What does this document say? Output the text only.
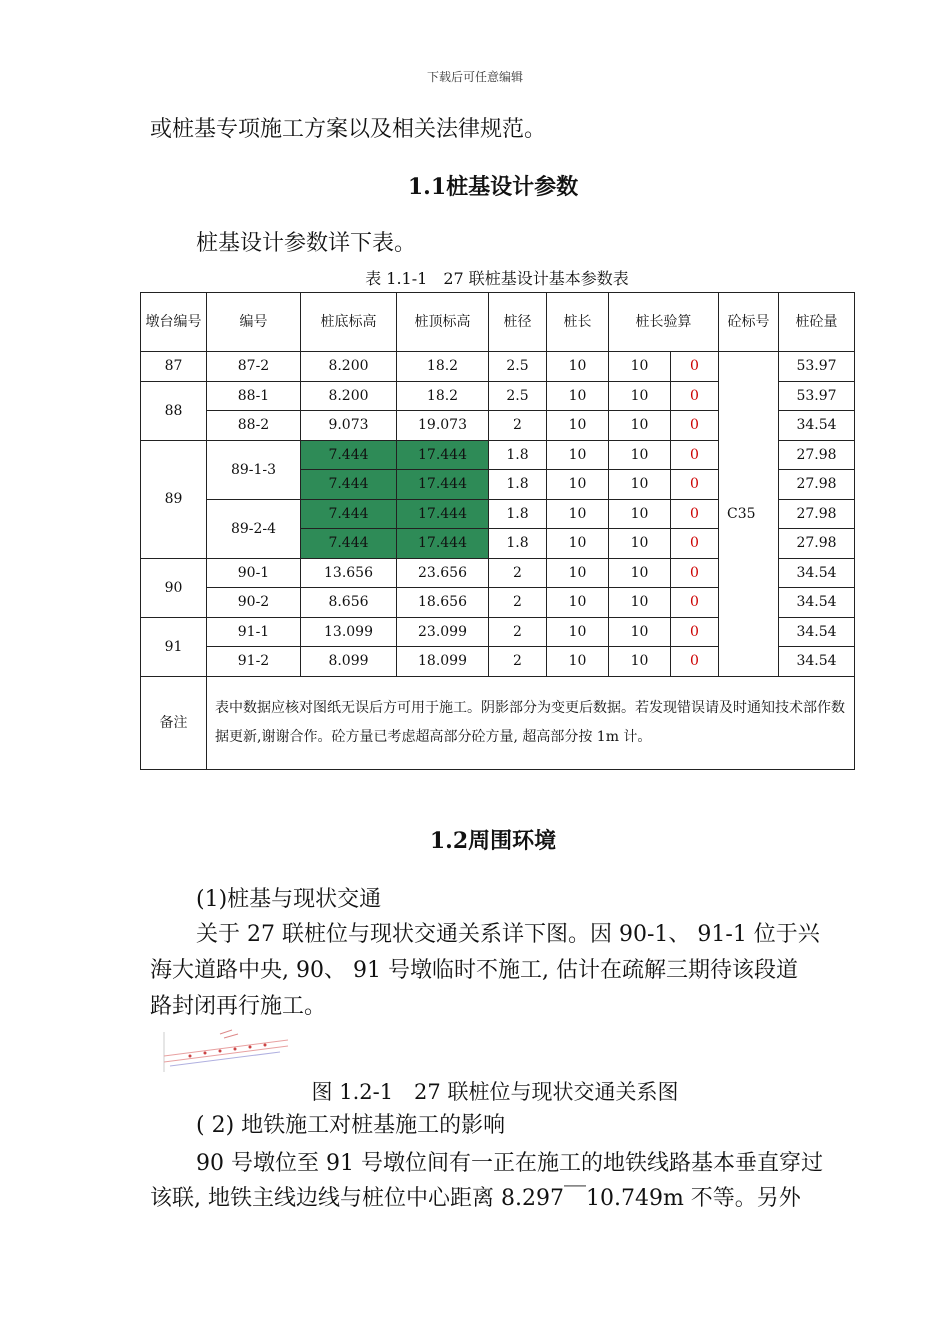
下载后可任意编辑
或桩基专项施工方案以及相关法律规范。
1.1桩基设计参数
桩基设计参数详下表。
表 1.1-1　27 联桩基设计基本参数表
墩台编号	编号	桩底标高	桩顶标高	桩径	桩长	桩长验算		砼标号	桩砼量
87	87-2	8.200	18.2	2.5	10	10	0	C35	53.97
88	88-1	8.200	18.2	2.5	10	10	0		53.97
	88-2	9.073	19.073	2	10	10	0		34.54
89	89-1-3	7.444	17.444	1.8	10	10	0		27.98
		7.444	17.444	1.8	10	10	0		27.98
	89-2-4	7.444	17.444	1.8	10	10	0		27.98
		7.444	17.444	1.8	10	10	0		27.98
90	90-1	13.656	23.656	2	10	10	0		34.54
	90-2	8.656	18.656	2	10	10	0		34.54
91	91-1	13.099	23.099	2	10	10	0		34.54
	91-2	8.099	18.099	2	10	10	0		34.54
备注	表中数据应核对图纸无误后方可用于施工。阴影部分为变更后数据。若发现错误请及时通知技术部作数据更新,谢谢合作。砼方量已考虑超高部分砼方量, 超高部分按 1m 计。								
1.2周围环境
(1)桩基与现状交通
关于 27 联桩位与现状交通关系详下图。因 90-1、 91-1 位于兴
海大道路中央, 90、 91 号墩临时不施工, 估计在疏解三期待该段道
路封闭再行施工。
图 1.2-1　27 联桩位与现状交通关系图
( 2) 地铁施工对桩基施工的影响
90 号墩位至 91 号墩位间有一正在施工的地铁线路基本垂直穿过
该联, 地铁主线边线与桩位中心距离 8.297￣10.749m 不等。另外
